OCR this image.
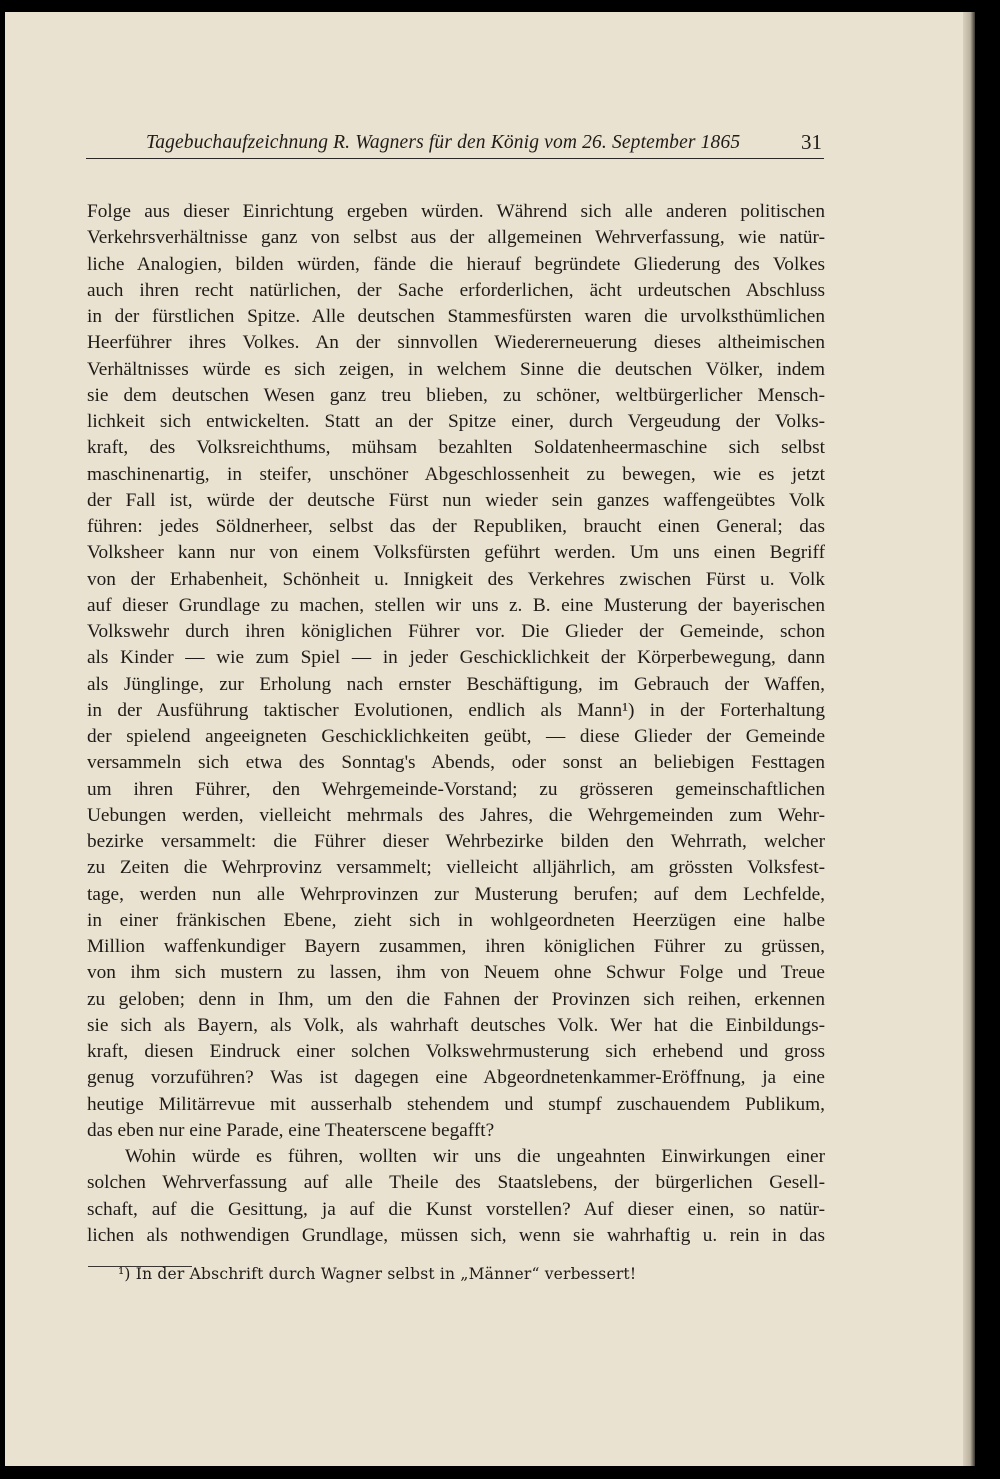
Tagebuchaufzeichnung R. Wagners für den König vom 26. September 1865	31
Folge aus dieser Einrichtung ergeben würden. Während sich alle anderen politischen
Verkehrsverhältnisse ganz von selbst aus der allgemeinen Wehrverfassung, wie natür-
liche Analogien, bilden würden, fände die hierauf begründete Gliederung des Volkes
auch ihren recht natürlichen, der Sache erforderlichen, ächt urdeutschen Abschluss
in der fürstlichen Spitze. Alle deutschen Stammesfürsten waren die urvolksthümlichen
Heerführer ihres Volkes. An der sinnvollen Wiedererneuerung dieses altheimischen
Verhältnisses würde es sich zeigen, in welchem Sinne die deutschen Völker, indem
sie dem deutschen Wesen ganz treu blieben, zu schöner, weltbürgerlicher Mensch-
lichkeit sich entwickelten. Statt an der Spitze einer, durch Vergeudung der Volks-
kraft, des Volksreichthums, mühsam bezahlten Soldatenheermaschine sich selbst
maschinenartig, in steifer, unschöner Abgeschlossenheit zu bewegen, wie es jetzt
der Fall ist, würde der deutsche Fürst nun wieder sein ganzes waffengeübtes Volk
führen: jedes Söldnerheer, selbst das der Republiken, braucht einen General; das
Volksheer kann nur von einem Volksfürsten geführt werden. Um uns einen Begriff
von der Erhabenheit, Schönheit u. Innigkeit des Verkehres zwischen Fürst u. Volk
auf dieser Grundlage zu machen, stellen wir uns z. B. eine Musterung der bayerischen
Volkswehr durch ihren königlichen Führer vor. Die Glieder der Gemeinde, schon
als Kinder — wie zum Spiel — in jeder Geschicklichkeit der Körperbewegung, dann
als Jünglinge, zur Erholung nach ernster Beschäftigung, im Gebrauch der Waffen,
in der Ausführung taktischer Evolutionen, endlich als Mann¹) in der Forterhaltung
der spielend angeeigneten Geschicklichkeiten geübt, — diese Glieder der Gemeinde
versammeln sich etwa des Sonntag's Abends, oder sonst an beliebigen Festtagen
um ihren Führer, den Wehrgemeinde-Vorstand; zu grösseren gemeinschaftlichen
Uebungen werden, vielleicht mehrmals des Jahres, die Wehrgemeinden zum Wehr-
bezirke versammelt: die Führer dieser Wehrbezirke bilden den Wehrrath, welcher
zu Zeiten die Wehrprovinz versammelt; vielleicht alljährlich, am grössten Volksfest-
tage, werden nun alle Wehrprovinzen zur Musterung berufen; auf dem Lechfelde,
in einer fränkischen Ebene, zieht sich in wohlgeordneten Heerzügen eine halbe
Million waffenkundiger Bayern zusammen, ihren königlichen Führer zu grüssen,
von ihm sich mustern zu lassen, ihm von Neuem ohne Schwur Folge und Treue
zu geloben; denn in Ihm, um den die Fahnen der Provinzen sich reihen, erkennen
sie sich als Bayern, als Volk, als wahrhaft deutsches Volk. Wer hat die Einbildungs-
kraft, diesen Eindruck einer solchen Volkswehrmusterung sich erhebend und gross
genug vorzuführen? Was ist dagegen eine Abgeordnetenkammer-Eröffnung, ja eine
heutige Militärrevue mit ausserhalb stehendem und stumpf zuschauendem Publikum,
das eben nur eine Parade, eine Theaterscene begafft?
Wohin würde es führen, wollten wir uns die ungeahnten Einwirkungen einer
solchen Wehrverfassung auf alle Theile des Staatslebens, der bürgerlichen Gesell-
schaft, auf die Gesittung, ja auf die Kunst vorstellen? Auf dieser einen, so natür-
lichen als nothwendigen Grundlage, müssen sich, wenn sie wahrhaftig u. rein in das
¹) In der Abschrift durch Wagner selbst in „Männer“ verbessert!
